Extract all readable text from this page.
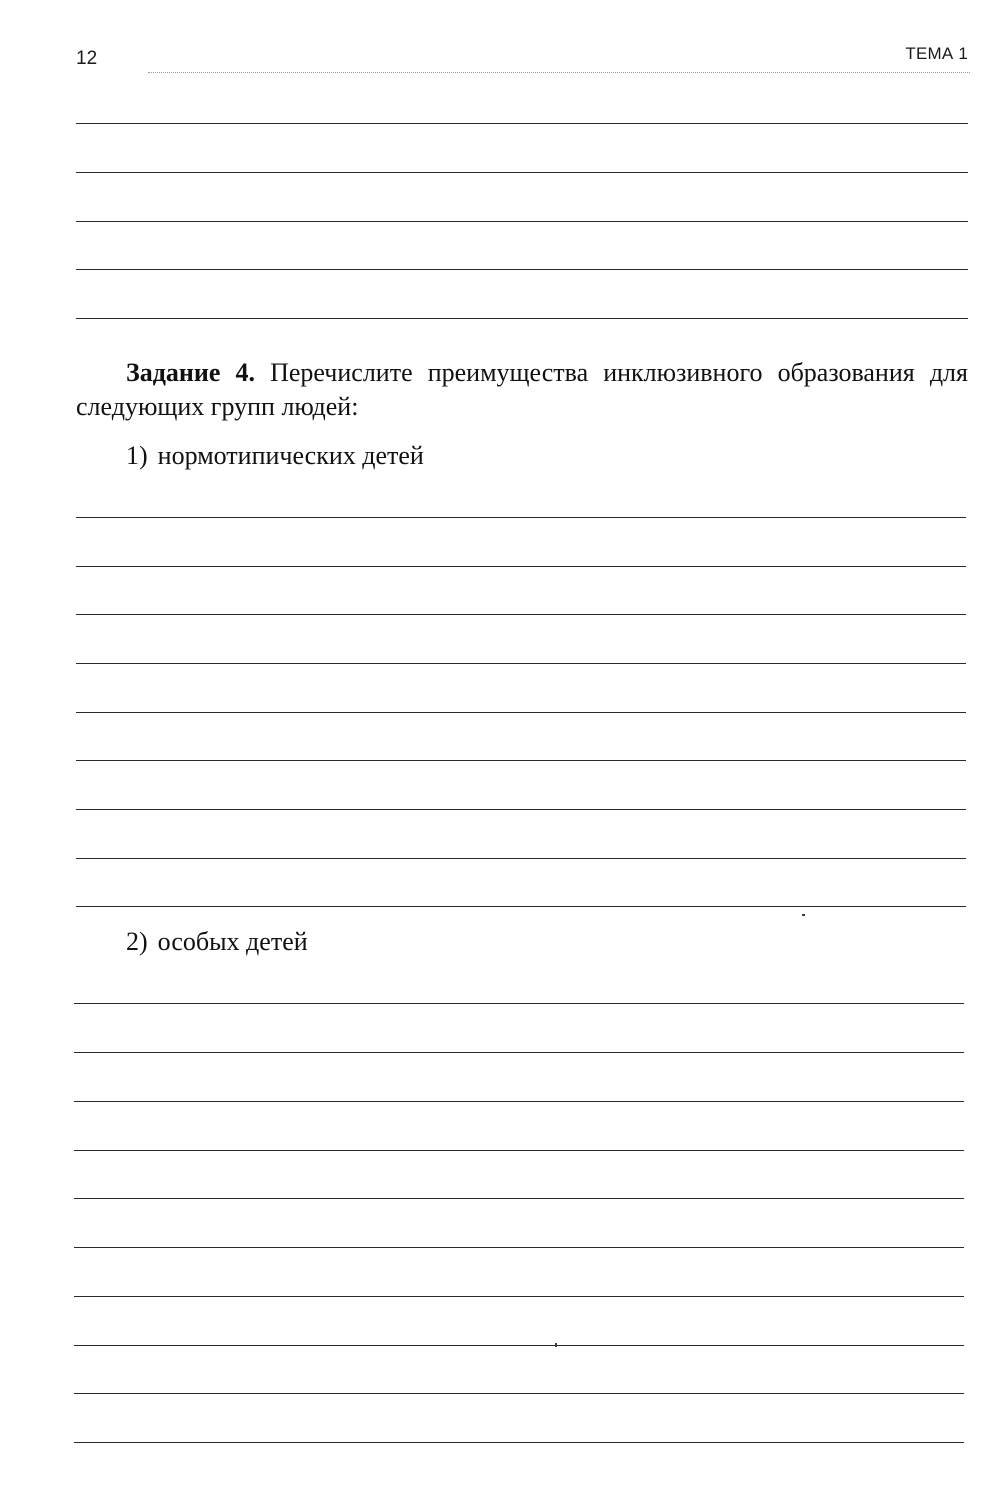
12	ТЕМА 1

Задание 4. Перечислите преимущества инклюзивного образования для следующих групп людей:

1) нормотипических детей
2) особых детей
